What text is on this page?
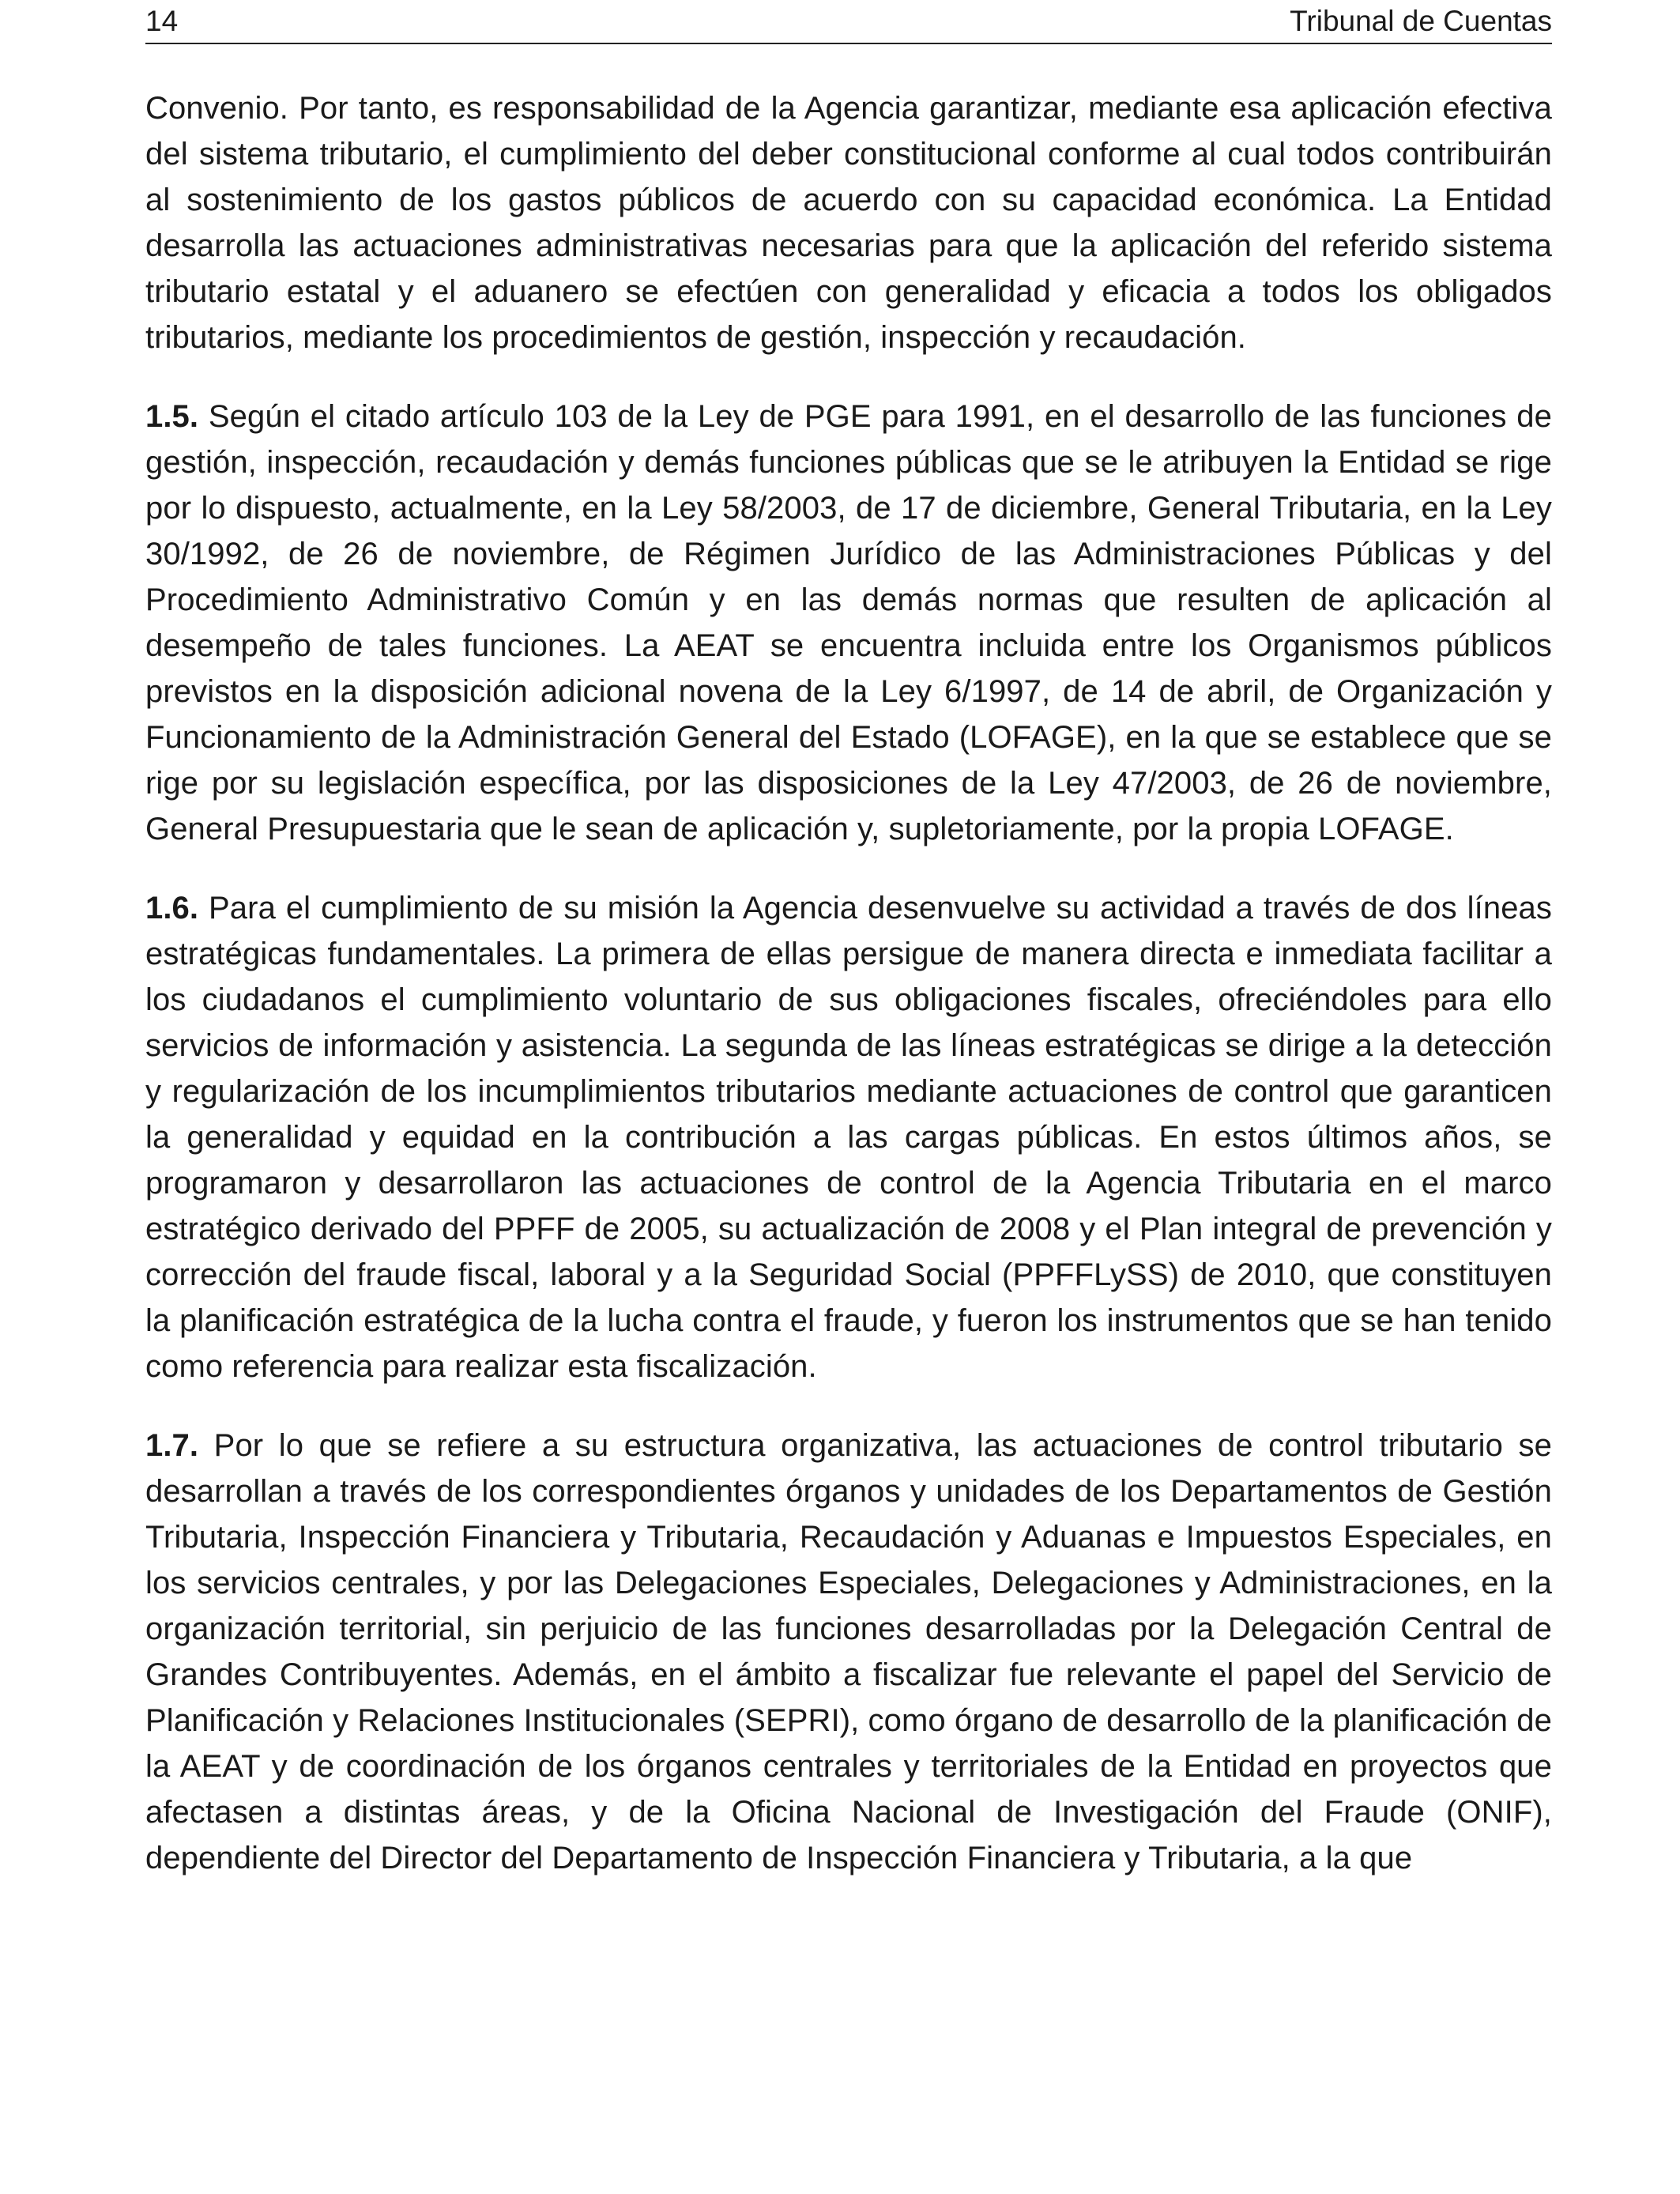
14	Tribunal de Cuentas

Convenio. Por tanto, es responsabilidad de la Agencia garantizar, mediante esa aplicación efectiva del sistema tributario, el cumplimiento del deber constitucional conforme al cual todos contribuirán al sostenimiento de los gastos públicos de acuerdo con su capacidad económica. La Entidad desarrolla las actuaciones administrativas necesarias para que la aplicación del referido sistema tributario estatal y el aduanero se efectúen con generalidad y eficacia a todos los obligados tributarios, mediante los procedimientos de gestión, inspección y recaudación.

1.5. Según el citado artículo 103 de la Ley de PGE para 1991, en el desarrollo de las funciones de gestión, inspección, recaudación y demás funciones públicas que se le atribuyen la Entidad se rige por lo dispuesto, actualmente, en la Ley 58/2003, de 17 de diciembre, General Tributaria, en la Ley 30/1992, de 26 de noviembre, de Régimen Jurídico de las Administraciones Públicas y del Procedimiento Administrativo Común y en las demás normas que resulten de aplicación al desempeño de tales funciones. La AEAT se encuentra incluida entre los Organismos públicos previstos en la disposición adicional novena de la Ley 6/1997, de 14 de abril, de Organización y Funcionamiento de la Administración General del Estado (LOFAGE), en la que se establece que se rige por su legislación específica, por las disposiciones de la Ley 47/2003, de 26 de noviembre, General Presupuestaria que le sean de aplicación y, supletoriamente, por la propia LOFAGE.

1.6. Para el cumplimiento de su misión la Agencia desenvuelve su actividad a través de dos líneas estratégicas fundamentales. La primera de ellas persigue de manera directa e inmediata facilitar a los ciudadanos el cumplimiento voluntario de sus obligaciones fiscales, ofreciéndoles para ello servicios de información y asistencia. La segunda de las líneas estratégicas se dirige a la detección y regularización de los incumplimientos tributarios mediante actuaciones de control que garanticen la generalidad y equidad en la contribución a las cargas públicas. En estos últimos años, se programaron y desarrollaron las actuaciones de control de la Agencia Tributaria en el marco estratégico derivado del PPFF de 2005, su actualización de 2008 y el Plan integral de prevención y corrección del fraude fiscal, laboral y a la Seguridad Social (PPFFLySS) de 2010, que constituyen la planificación estratégica de la lucha contra el fraude, y fueron los instrumentos que se han tenido como referencia para realizar esta fiscalización.

1.7. Por lo que se refiere a su estructura organizativa, las actuaciones de control tributario se desarrollan a través de los correspondientes órganos y unidades de los Departamentos de Gestión Tributaria, Inspección Financiera y Tributaria, Recaudación y Aduanas e Impuestos Especiales, en los servicios centrales, y por las Delegaciones Especiales, Delegaciones y Administraciones, en la organización territorial, sin perjuicio de las funciones desarrolladas por la Delegación Central de Grandes Contribuyentes. Además, en el ámbito a fiscalizar fue relevante el papel del Servicio de Planificación y Relaciones Institucionales (SEPRI), como órgano de desarrollo de la planificación de la AEAT y de coordinación de los órganos centrales y territoriales de la Entidad en proyectos que afectasen a distintas áreas, y de la Oficina Nacional de Investigación del Fraude (ONIF), dependiente del Director del Departamento de Inspección Financiera y Tributaria, a la que
